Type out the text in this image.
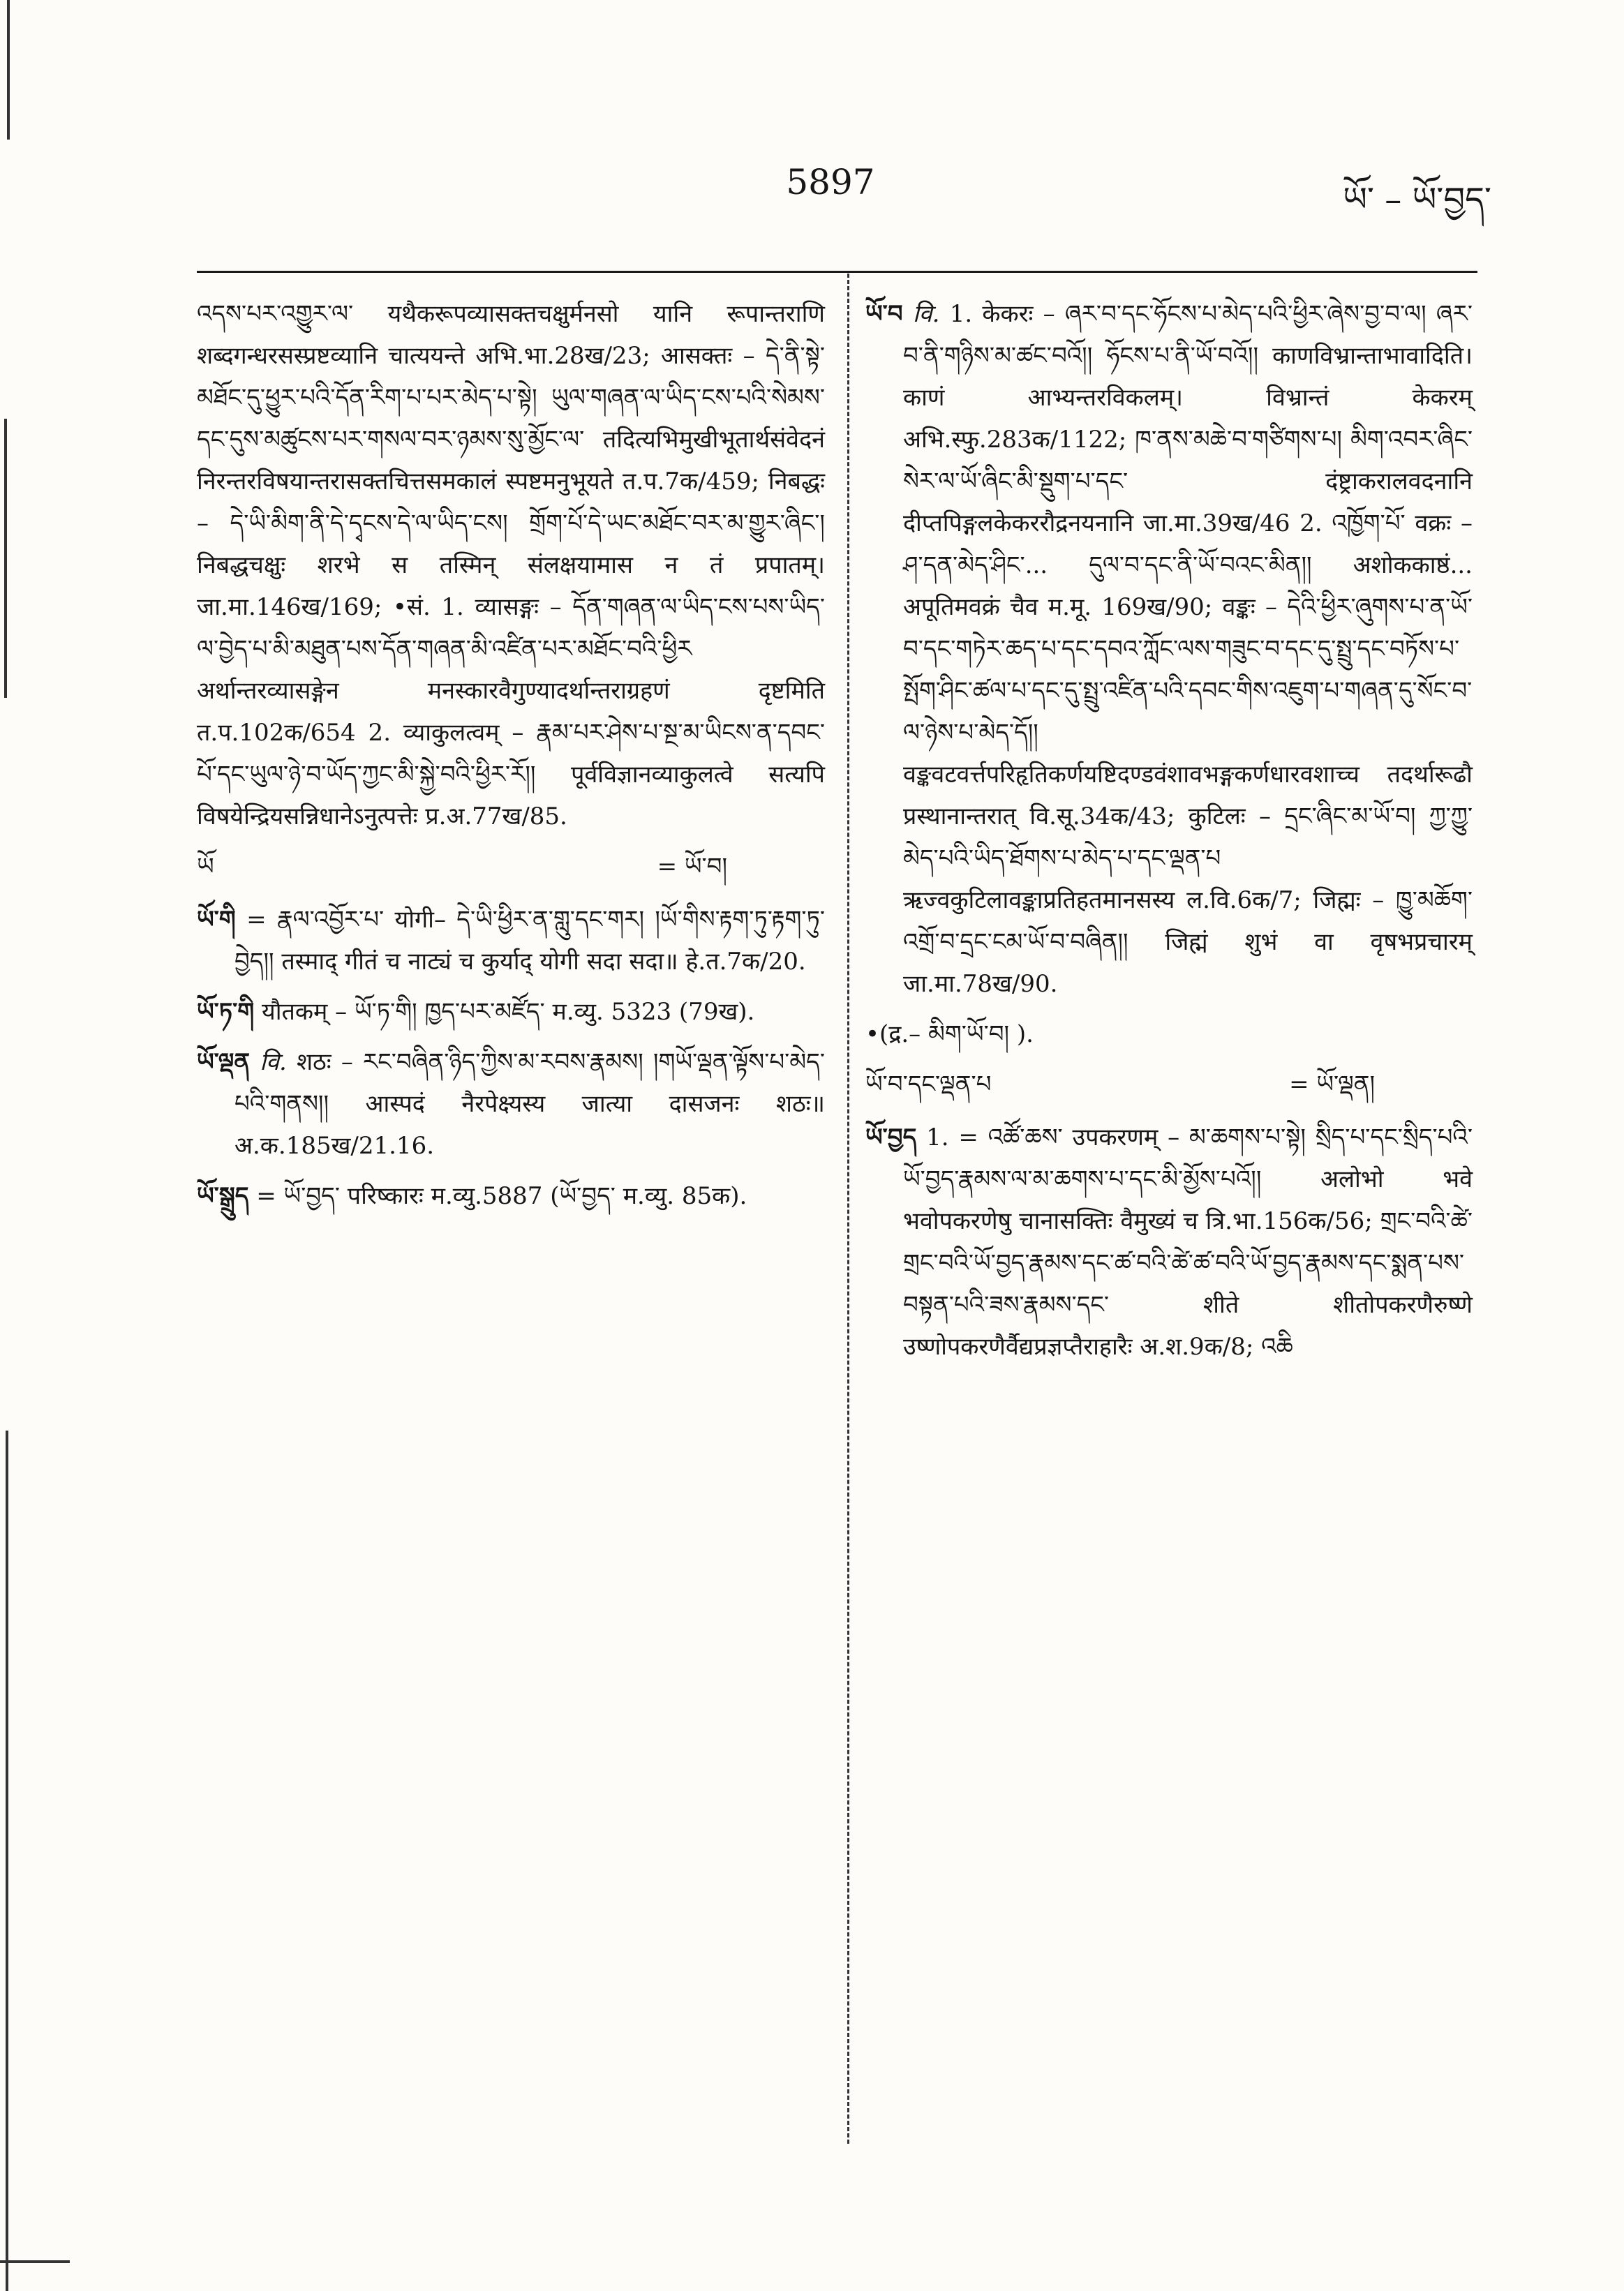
5897	ཡོ་ – ཡོ་བྱད་
འདས་པར་འགྱུར་ལ་ यथैकरूपव्यासक्तचक्षुर्मनसो यानि रूपान्तराणि शब्दगन्धरसस्प्रष्टव्यानि चात्ययन्ते अभि.भा.28ख/23; आसक्तः – དེ་ནི་སྟེ་མཐོང་དུ་ཕྱུར་པའི་དོན་རིག་པ་པར་མེད་པ་སྟེ། ཡུལ་གཞན་ལ་ཡིད་ངས་པའི་སེམས་དང་དུས་མཚུངས་པར་གསལ་བར་ཉམས་སུ་མྱོང་ལ་ तदित्यभिमुखीभूतार्थसंवेदनं निरन्तरविषयान्तरासक्तचित्तसमकालं स्पष्टमनुभूयते त.प.7क/459; निबद्धः – དེ་ཡི་མིག་ནི་དེ་དྭངས་དེ་ལ་ཡིད་ངས། གྲོག་པོ་དེ་ཡང་མཐོང་བར་མ་གྱུར་ཞིང་། निबद्धचक्षुः शरभे स तस्मिन् संलक्षयामास न तं प्रपातम्। जा.मा.146ख/169; •सं. 1. व्यासङ्गः – དོན་གཞན་ལ་ཡིད་ངས་པས་ཡིད་ལ་བྱེད་པ་མི་མཐུན་པས་དོན་གཞན་མི་འཛིན་པར་མཐོང་བའི་ཕྱིར अर्थान्तरव्यासङ्गेन मनस्कारवैगुण्यादर्थान्तराग्रहणं दृष्टमिति त.प.102क/654 2. व्याकुलत्वम् – རྣམ་པར་ཤེས་པ་སྔ་མ་ཡིངས་ན་དབང་པོ་དང་ཡུལ་ཉེ་བ་ཡོད་ཀྱང་མི་སྐྱེ་བའི་ཕྱིར་རོ།། पूर्वविज्ञानव्याकुलत्वे सत्यपि विषयेन्द्रियसन्निधानेऽनुत्पत्तेः प्र.अ.77ख/85.
ཡོ	= ཡོ་བ།
ཡོ་གི = རྣལ་འབྱོར་པ་ योगी– དེ་ཡི་ཕྱིར་ན་གླུ་དང་གར། །ཡོ་གིས་རྟག་ཏུ་རྟག་ཏུ་བྱེད།། तस्माद् गीतं च नाट्यं च कुर्याद् योगी सदा सदा॥ हे.त.7क/20.
ཡོ་ཏ་གི यौतकम् – ཡོ་ཏ་གི། ཁྱད་པར་མཛོད་ म.व्यु. 5323 (79ख).
ཡོ་ལྡན वि. शठः – རང་བཞིན་ཉིད་ཀྱིས་མ་རབས་རྣམས། །གཡོ་ལྡན་ལྟོས་པ་མེད་པའི་གནས།། आस्पदं नैरपेक्ष्यस्य जात्या दासजनः शठः॥ अ.क.185ख/21.16.
ཡོ་སྒྲུད = ཡོ་བྱད་ परिष्कारः म.व्यु.5887 (ཡོ་བྱད་ म.व्यु. 85क).
ཡོ་བ वि. 1. केकरः – ཞར་བ་དང་ཧོངས་པ་མེད་པའི་ཕྱིར་ཞེས་བྱ་བ་ལ། ཞར་བ་ནི་གཉིས་མ་ཚང་བའོ།། ཧོངས་པ་ནི་ཡོ་བའོ།། काणविभ्रान्ताभावादिति। काणं आभ्यन्तरविकलम्। विभ्रान्तं केकरम् अभि.स्फु.283क/1122; ཁ་ནས་མཆེ་བ་གཙིགས་པ། མིག་འབར་ཞིང་སེར་ལ་ཡོ་ཞིང་མི་སྡུག་པ་དང་ दंष्ट्राकरालवदनानि दीप्तपिङ्गलकेकररौद्रनयनानि जा.मा.39ख/46 2. འཁྱོག་པོ་ वक्रः – ཤ་དན་མེད་ཤིང་... དུལ་བ་དང་ནི་ཡོ་བའང་མིན།། अशोककाष्ठं... अपूतिमवक्रं चैव म.मू. 169ख/90; वङ्कः – དེའི་ཕྱིར་ཞུགས་པ་ན་ཡོ་བ་དང་གཏེར་ཆད་པ་དང་དབའ་ཀློང་ལས་གཟུང་བ་དང་དུ་སྤྲུ་དང་བཏོས་པ་སྤོག་ཤིང་ཚལ་པ་དང་དུ་སྤྲུ་འཛིན་པའི་དབང་གིས་འཇུག་པ་གཞན་དུ་སོང་བ་ལ་ཉེས་པ་མེད་དོ།། वङ्कवटवर्त्तपरिहृतिकर्णयष्टिदण्डवंशावभङ्गकर्णधारवशाच्च तदर्थारूढौ प्रस्थानान्तरात् वि.सू.34क/43; कुटिलः – དྲང་ཞིང་མ་ཡོ་བ། ཀྱ་ཀྱུ་མེད་པའི་ཡིད་ཐོགས་པ་མེད་པ་དང་ལྡན་པ ऋज्वकुटिलावङ्काप्रतिहतमानसस्य ल.वि.6क/7; जिह्मः – ཁྱུ་མཆོག་འགྲོ་བ་དྲང་ངམ་ཡོ་བ་བཞིན།། जिह्मं शुभं वा वृषभप्रचारम् जा.मा.78ख/90.
•(द्र.– མིག་ཡོ་བ། ).
ཡོ་བ་དང་ལྡན་པ	= ཡོ་ལྡན།
ཡོ་བྱད 1. = འཚོ་ཆས་ उपकरणम् – མ་ཆགས་པ་སྟེ། སྲིད་པ་དང་སྲིད་པའི་ཡོ་བྱད་རྣམས་ལ་མ་ཆགས་པ་དང་མི་མྱོས་པའོ།། अलोभो भवे भवोपकरणेषु चानासक्तिः वैमुख्यं च त्रि.भा.156क/56; གྲང་བའི་ཚེ་གྲང་བའི་ཡོ་བྱད་རྣམས་དང་ཚ་བའི་ཚེ་ཚ་བའི་ཡོ་བྱད་རྣམས་དང་སྨན་པས་བསྟན་པའི་ཟས་རྣམས་དང་ शीते शीतोपकरणैरुष्णे उष्णोपकरणैर्वैद्यप्रज्ञप्तैराहारैः अ.श.9क/8; འཆི
